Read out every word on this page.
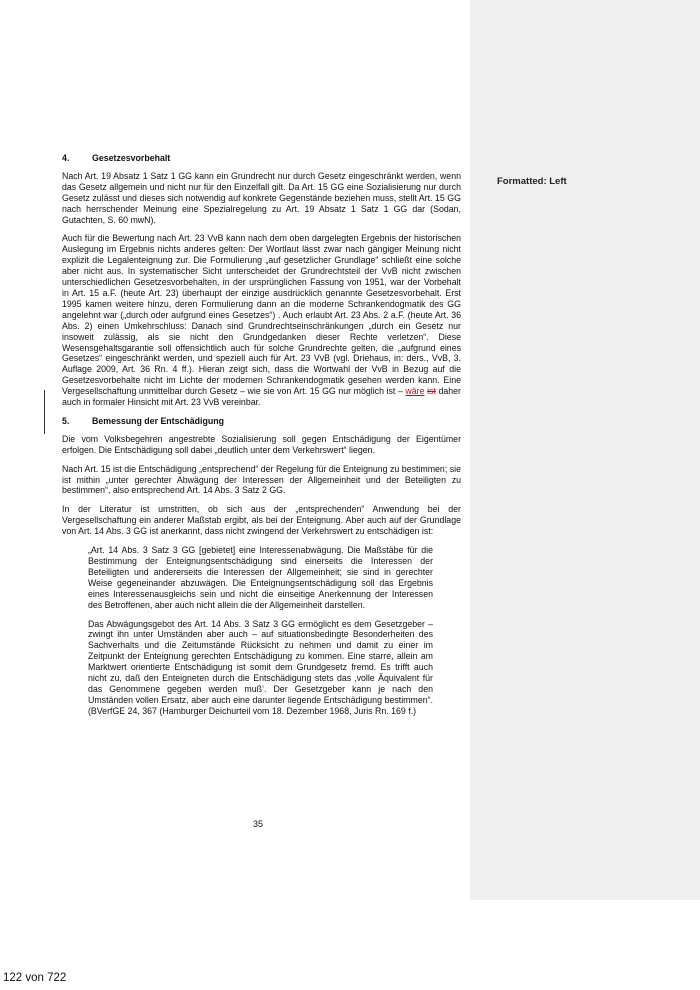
Formatted: Left
4.	Gesetzesvorbehalt

Nach Art. 19 Absatz 1 Satz 1 GG kann ein Grundrecht nur durch Gesetz eingeschränkt werden, wenn das Gesetz allgemein und nicht nur für den Einzelfall gilt. Da Art. 15 GG eine Sozialisierung nur durch Gesetz zulässt und dieses sich notwendig auf konkrete Gegenstände beziehen muss, stellt Art. 15 GG nach herrschender Meinung eine Spezialregelung zu Art. 19 Absatz 1 Satz 1 GG dar (Sodan, Gutachten, S. 60 mwN).

Auch für die Bewertung nach Art. 23 VvB kann nach dem oben dargelegten Ergebnis der historischen Auslegung im Ergebnis nichts anderes gelten: Der Wortlaut lässt zwar nach gängiger Meinung nicht explizit die Legalenteignung zur. Die Formulierung „auf gesetzlicher Grundlage“ schließt eine solche aber nicht aus. In systematischer Sicht unterscheidet der Grundrechtsteil der VvB nicht zwischen unterschiedlichen Gesetzesvorbehalten, in der ursprünglichen Fassung von 1951, war der Vorbehalt in Art. 15 a.F. (heute Art. 23) überhaupt der einzige ausdrücklich genannte Gesetzesvorbehalt. Erst 1995 kamen weitere hinzu, deren Formulierung dann an die moderne Schrankendogmatik des GG angelehnt war („durch oder aufgrund eines Gesetzes“) . Auch erlaubt Art. 23 Abs. 2 a.F. (heute Art. 36 Abs. 2) einen Umkehrschluss: Danach sind Grundrechtseinschränkungen „durch ein Gesetz nur insoweit zulässig, als sie nicht den Grundgedanken dieser Rechte verletzen“. Diese Wesensgehaltsgarantie soll offensichtlich auch für solche Grundrechte gelten, die „aufgrund eines Gesetzes“ eingeschränkt werden, und speziell auch für Art. 23 VvB (vgl. Driehaus, in: ders., VvB, 3. Auflage 2009, Art. 36 Rn. 4 ff.). Hieran zeigt sich, dass die Wortwahl der VvB in Bezug auf die Gesetzesvorbehalte nicht im Lichte der modernen Schrankendogmatik gesehen werden kann. Eine Vergesellschaftung unmittelbar durch Gesetz – wie sie von Art. 15 GG nur möglich ist – wäre ist daher auch in formaler Hinsicht mit Art. 23 VvB vereinbar.

5.	Bemessung der Entschädigung

Die vom Volksbegehren angestrebte Sozialisierung soll gegen Entschädigung der Eigentümer erfolgen. Die Entschädigung soll dabei „deutlich unter dem Verkehrswert“ liegen.

Nach Art. 15 ist die Entschädigung „entsprechend“ der Regelung für die Enteignung zu bestimmen; sie ist mithin „unter gerechter Abwägung der Interessen der Allgemeinheit und der Beteiligten zu bestimmen“, also entsprechend Art. 14 Abs. 3 Satz 2 GG.

In der Literatur ist umstritten, ob sich aus der „entsprechenden“ Anwendung bei der Vergesellschaftung ein anderer Maßstab ergibt, als bei der Enteignung. Aber auch auf der Grundlage von Art. 14 Abs. 3 GG ist anerkannt, dass nicht zwingend der Verkehrswert zu entschädigen ist:

„Art. 14 Abs. 3 Satz 3 GG [gebietet] eine Interessenabwägung. Die Maßstäbe für die Bestimmung der Enteignungsentschädigung sind einerseits die Interessen der Beteiligten und andererseits die Interessen der Allgemeinheit; sie sind in gerechter Weise gegeneinander abzuwägen. Die Enteignungsentschädigung soll das Ergebnis eines Interessenausgleichs sein und nicht die einseitige Anerkennung der Interessen des Betroffenen, aber auch nicht allein die der Allgemeinheit darstellen.
Das Abwägungsgebot des Art. 14 Abs. 3 Satz 3 GG ermöglicht es dem Gesetzgeber – zwingt ihn unter Umständen aber auch – auf situationsbedingte Besonderheiten des Sachverhalts und die Zeitumstände Rücksicht zu nehmen und damit zu einer im Zeitpunkt der Enteignung gerechten Entschädigung zu kommen. Eine starre, allein am Marktwert orientierte Entschädigung ist somit dem Grundgesetz fremd. Es trifft auch nicht zu, daß den Enteigneten durch die Entschädigung stets das ‚volle Äquivalent für das Genommene gegeben werden muß‘. Der Gesetzgeber kann je nach den Umständen vollen Ersatz, aber auch eine darunter liegende Entschädigung bestimmen“. (BVerfGE 24, 367 (Hamburger Deichurteil vom 18. Dezember 1968, Juris Rn. 169 f.)
35
122 von 722
